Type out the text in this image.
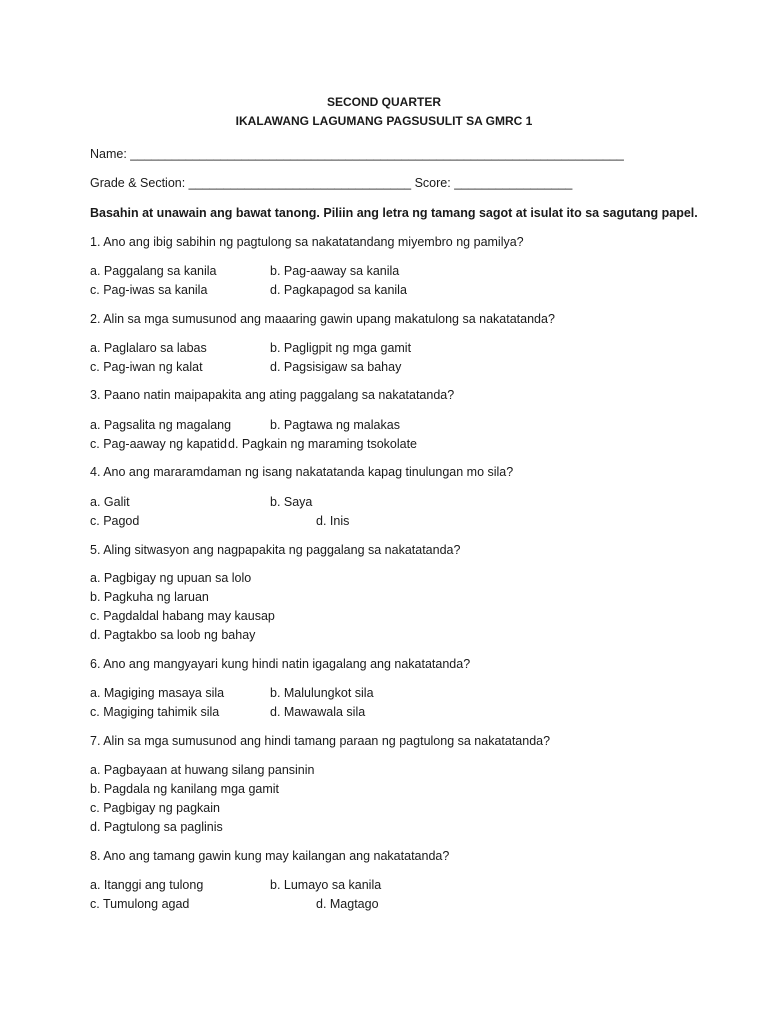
SECOND QUARTER
IKALAWANG LAGUMANG PAGSUSULIT SA GMRC 1
Name: _______________________________________________________________________
Grade & Section: ________________________________ Score: _________________
Basahin at unawain ang bawat tanong. Piliin ang letra ng tamang sagot at isulat ito sa sagutang papel.
1. Ano ang ibig sabihin ng pagtulong sa nakatatandang miyembro ng pamilya?
a. Paggalang sa kanila	b. Pag-aaway sa kanila
c. Pag-iwas sa kanila	d. Pagkapagod sa kanila
2. Alin sa mga sumusunod ang maaaring gawin upang makatulong sa nakatatanda?
a. Paglalaro sa labas	b. Pagligpit ng mga gamit
c. Pag-iwan ng kalat	d. Pagsisigaw sa bahay
3. Paano natin maipapakita ang ating paggalang sa nakatatanda?
a. Pagsalita ng magalang	b. Pagtawa ng malakas
c. Pag-aaway ng kapatid d. Pagkain ng maraming tsokolate
4. Ano ang mararamdaman ng isang nakatatanda kapag tinulungan mo sila?
a. Galit	b. Saya
c. Pagod	d. Inis
5. Aling sitwasyon ang nagpapakita ng paggalang sa nakatatanda?
a. Pagbigay ng upuan sa lolo
b. Pagkuha ng laruan
c. Pagdaldal habang may kausap
d. Pagtakbo sa loob ng bahay
6. Ano ang mangyayari kung hindi natin igagalang ang nakatatanda?
a. Magiging masaya sila	b. Malulungkot sila
c. Magiging tahimik sila	d. Mawawala sila
7. Alin sa mga sumusunod ang hindi tamang paraan ng pagtulong sa nakatatanda?
a. Pagbayaan at huwang silang pansinin
b. Pagdala ng kanilang mga gamit
c. Pagbigay ng pagkain
d. Pagtulong sa paglinis
8. Ano ang tamang gawin kung may kailangan ang nakatatanda?
a. Itanggi ang tulong	b. Lumayo sa kanila
c. Tumulong agad	d. Magtago
